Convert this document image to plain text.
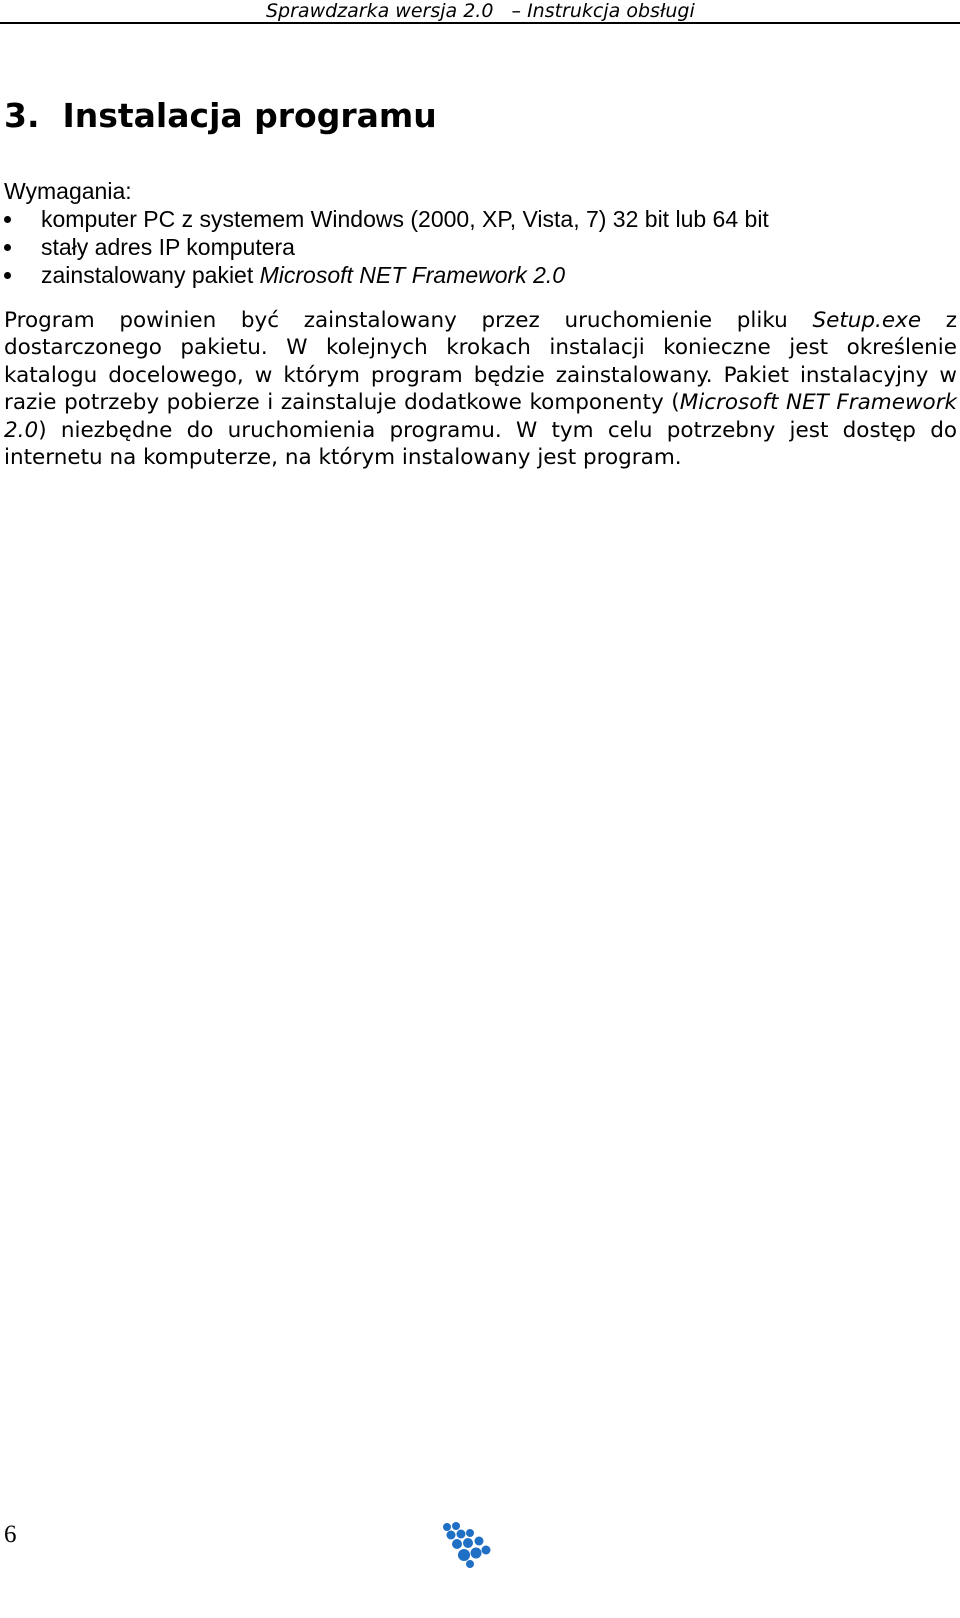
Sprawdzarka wersja 2.0   – Instrukcja obsługi
3.  Instalacja programu
Wymagania:
komputer PC z systemem Windows (2000, XP, Vista, 7) 32 bit lub 64 bit
stały adres IP komputera
zainstalowany pakiet Microsoft NET Framework 2.0

Program powinien być zainstalowany przez uruchomienie pliku Setup.exe z dostarczonego pakietu. W kolejnych krokach instalacji konieczne jest określenie katalogu docelowego, w którym program będzie zainstalowany. Pakiet instalacyjny w razie potrzeby pobierze i zainstaluje dodatkowe komponenty (Microsoft NET Framework 2.0) niezbędne do uruchomienia programu. W tym celu potrzebny jest dostęp do internetu na komputerze, na którym instalowany jest program.

6
